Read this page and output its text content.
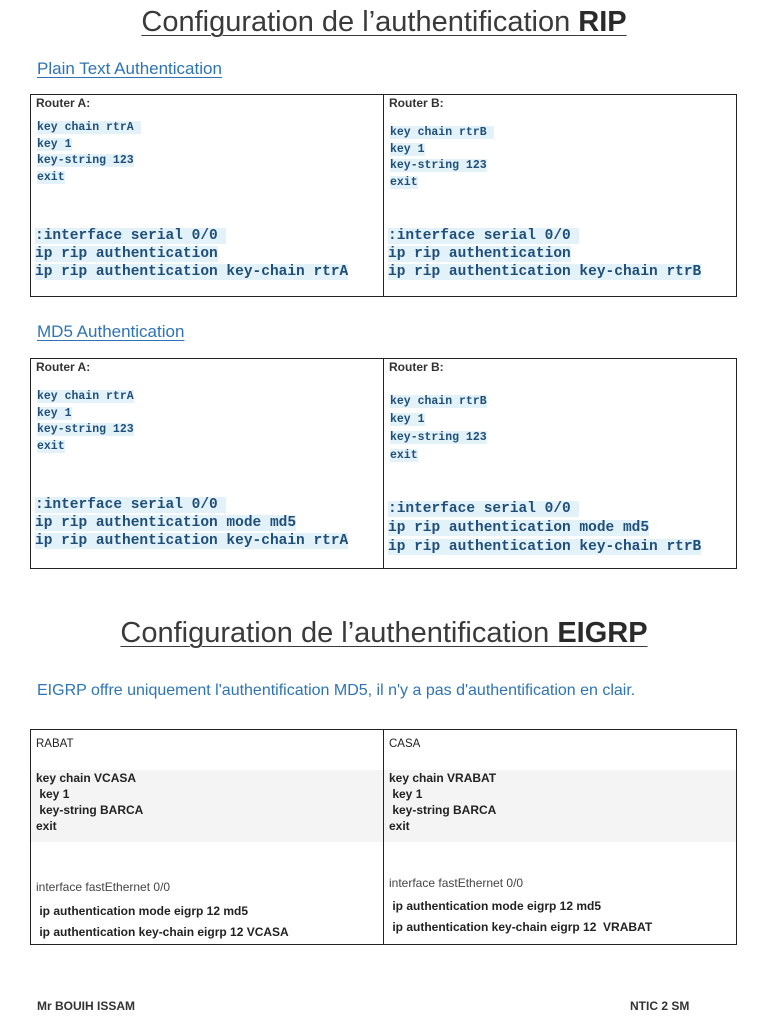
Configuration de l’authentification RIP
Plain Text Authentication
Router A:
key chain rtrA
key 1
key-string 123
exit
:interface serial 0/0
ip rip authentication
ip rip authentication key-chain rtrA

Router B:
key chain rtrB
key 1
key-string 123
exit
:interface serial 0/0
ip rip authentication
ip rip authentication key-chain rtrB
MD5 Authentication
Router A:
key chain rtrA
key 1
key-string 123
exit
:interface serial 0/0
ip rip authentication mode md5
ip rip authentication key-chain rtrA

Router B:
key chain rtrB
key 1
key-string 123
exit
:interface serial 0/0
ip rip authentication mode md5
ip rip authentication key-chain rtrB
Configuration de l’authentification EIGRP
EIGRP offre uniquement l'authentification MD5, il n'y a pas d'authentification en clair.
RABAT
key chain VCASA
key 1
key-string BARCA
exit
interface fastEthernet 0/0
ip authentication mode eigrp 12 md5
ip authentication key-chain eigrp 12 VCASA

CASA
key chain VRABAT
key 1
key-string BARCA
exit
interface fastEthernet 0/0
ip authentication mode eigrp 12 md5
ip authentication key-chain eigrp 12  VRABAT
Mr BOUIH ISSAM	NTIC 2 SM
